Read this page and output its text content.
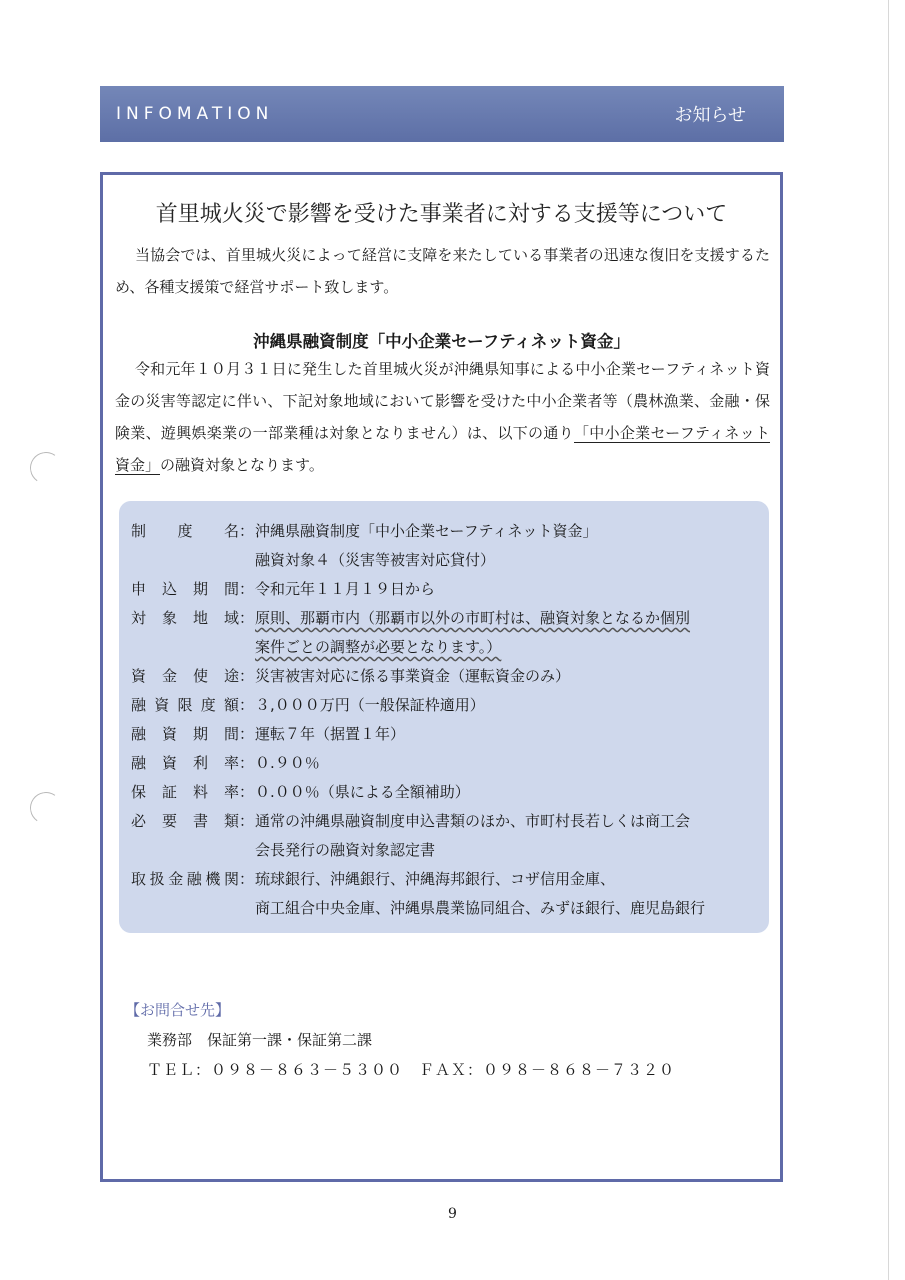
INFOMATION	お知らせ
首里城火災で影響を受けた事業者に対する支援等について
当協会では、首里城火災によって経営に支障を来たしている事業者の迅速な復旧を支援するため、各種支援策で経営サポート致します。
沖縄県融資制度「中小企業セーフティネット資金」
令和元年１０月３１日に発生した首里城火災が沖縄県知事による中小企業セーフティネット資金の災害等認定に伴い、下記対象地域において影響を受けた中小企業者等（農林漁業、金融・保険業、遊興娯楽業の一部業種は対象となりません）は、以下の通り「中小企業セーフティネット資金」の融資対象となります。
制 度 名 ： 沖縄県融資制度「中小企業セーフティネット資金」
融資対象４（災害等被害対応貸付）
申 込 期 間 ： 令和元年１１月１９日から
対 象 地 域 ： 原則、那覇市内（那覇市以外の市町村は、融資対象となるか個別
案件ごとの調整が必要となります。）
資 金 使 途 ： 災害被害対応に係る事業資金（運転資金のみ）
融 資 限 度 額 ： ３,０００万円（一般保証枠適用）
融 資 期 間 ： 運転７年（据置１年）
融 資 利 率 ： ０.９０％
保 証 料 率 ： ０.００％（県による全額補助）
必 要 書 類 ： 通常の沖縄県融資制度申込書類のほか、市町村長若しくは商工会
会長発行の融資対象認定書
取 扱 金 融 機 関 ： 琉球銀行、沖縄銀行、沖縄海邦銀行、コザ信用金庫、
商工組合中央金庫、沖縄県農業協同組合、みずほ銀行、鹿児島銀行
【お問合せ先】
業務部　保証第一課・保証第二課
ＴＥＬ：０９８－８６３－５３００　ＦＡＸ：０９８－８６８－７３２０
9
